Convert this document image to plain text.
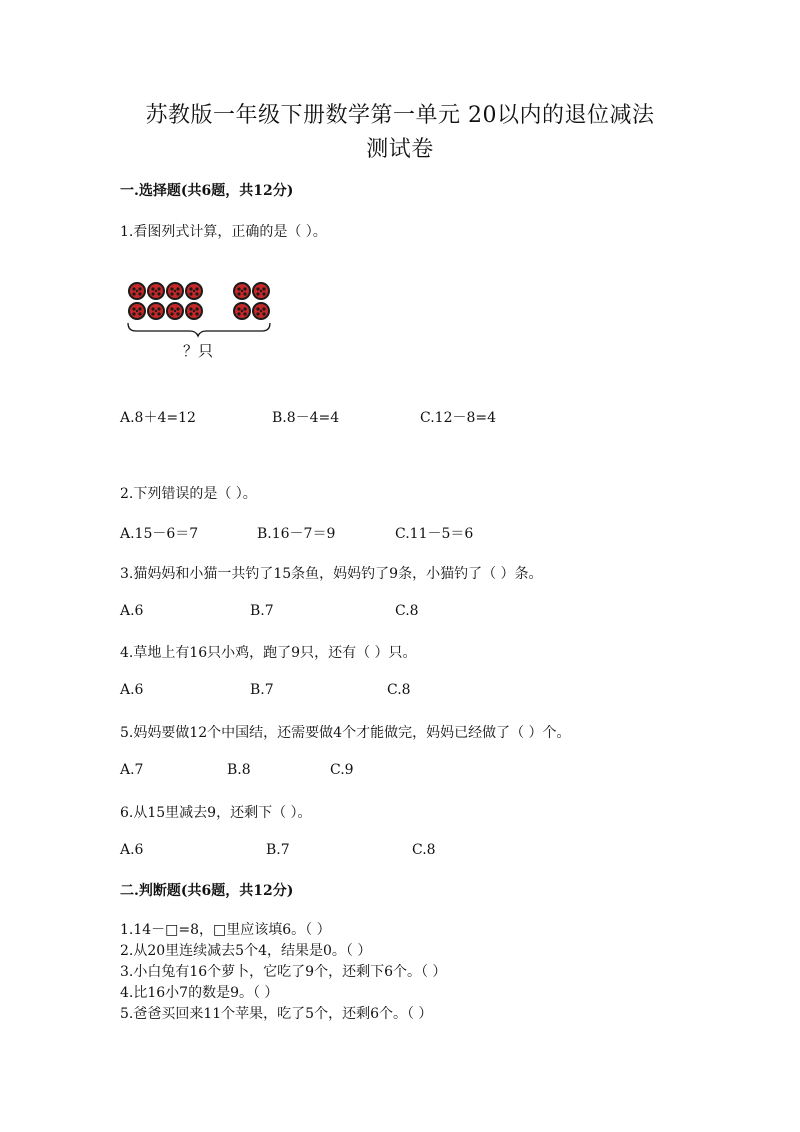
苏教版一年级下册数学第一单元 20以内的退位减法
测试卷
一.选择题(共6题，共12分)
1.看图列式计算，正确的是（ ）。
？只
A.8＋4=12	B.8－4=4	C.12－8=4
2.下列错误的是（ ）。
A.15－6＝7	B.16－7＝9	C.11－5＝6
3.猫妈妈和小猫一共钓了15条鱼，妈妈钓了9条，小猫钓了（ ）条。
A.6	B.7	C.8
4.草地上有16只小鸡，跑了9只，还有（ ）只。
A.6	B.7	C.8
5.妈妈要做12个中国结，还需要做4个才能做完，妈妈已经做了（ ）个。
A.7	B.8	C.9
6.从15里减去9，还剩下（ ）。
A.6	B.7	C.8
二.判断题(共6题，共12分)
1.14－□=8，□里应该填6。（ ）
2.从20里连续减去5个4，结果是0。（ ）
3.小白兔有16个萝卜，它吃了9个，还剩下6个。（ ）
4.比16小7的数是9。（ ）
5.爸爸买回来11个苹果，吃了5个，还剩6个。（ ）
